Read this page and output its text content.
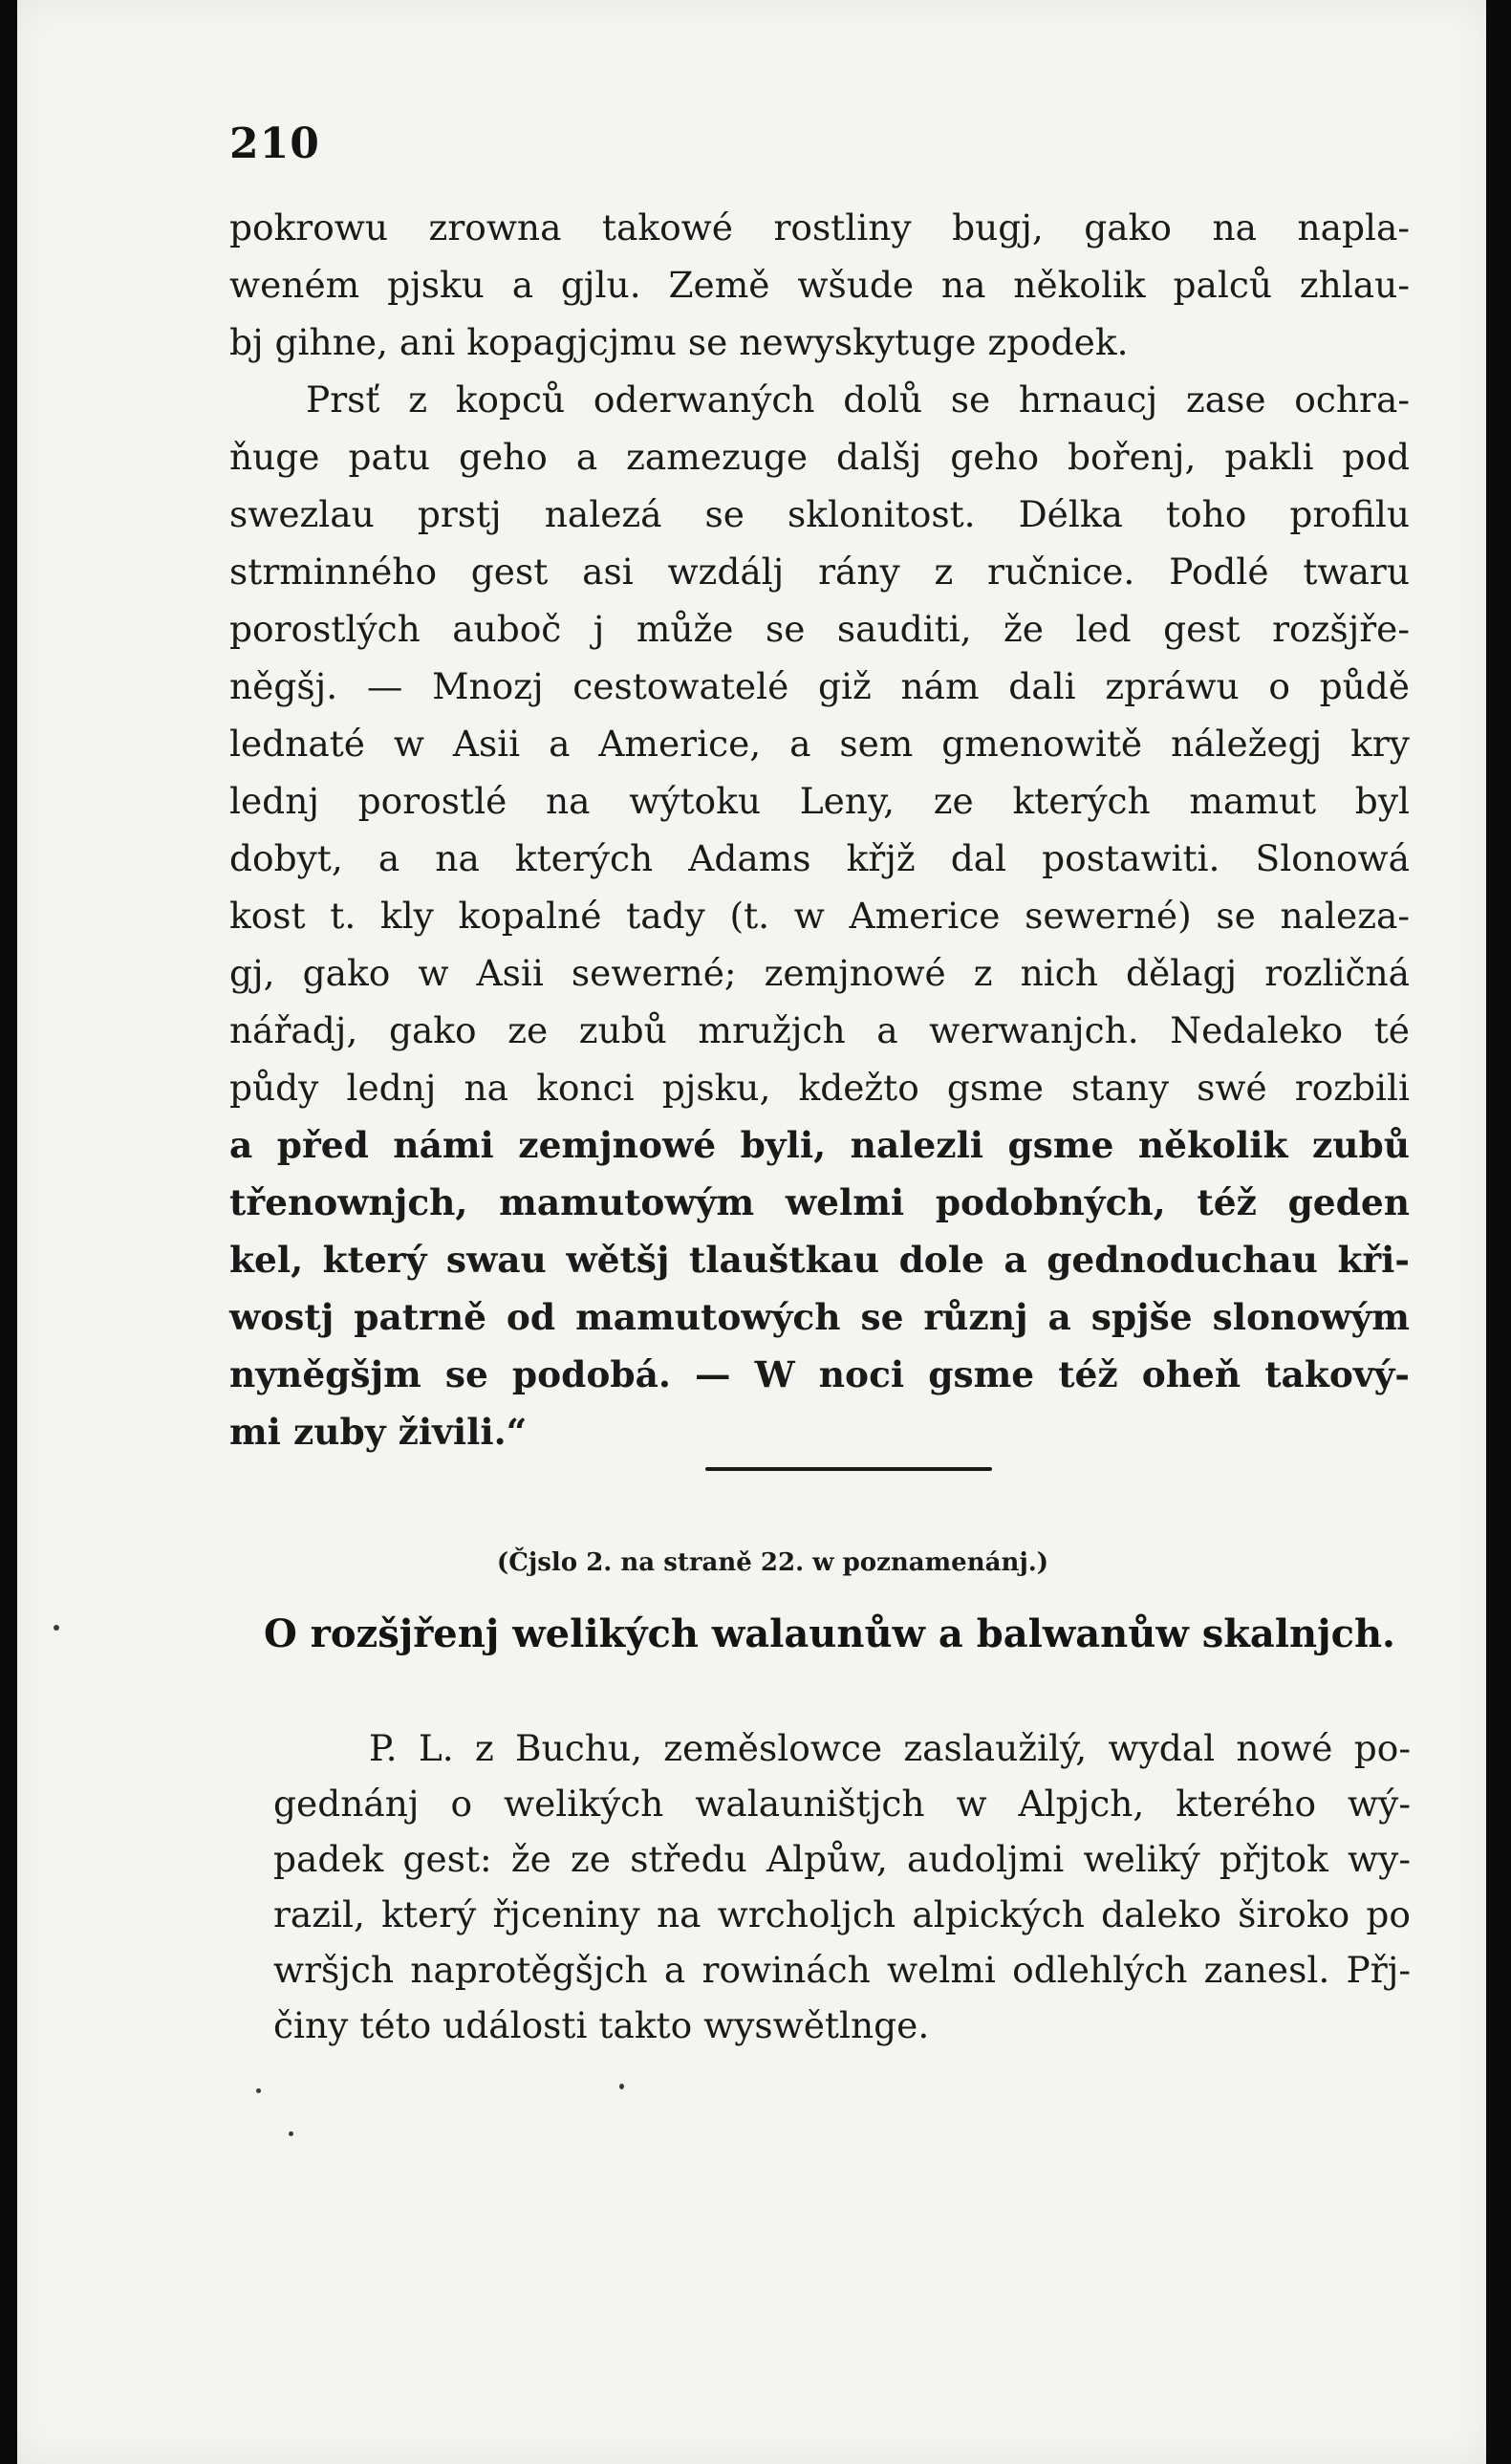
210
pokrowu zrowna takowé rostliny bugj, gako na napla-
weném pjsku a gjlu. Země wšude na několik palců zhlau-
bj gihne, ani kopagjcjmu se newyskytuge zpodek.
Prsť z kopců oderwaných dolů se hrnaucj zase ochra-
ňuge patu geho a zamezuge dalšj geho bořenj, pakli pod
swezlau prstj nalezá se sklonitost. Délka toho profilu
strminného gest asi wzdálj rány z ručnice. Podlé twaru
porostlých auboč j může se sauditi, že led gest rozšjře-
něgšj. — Mnozj cestowatelé giž nám dali zpráwu o půdě
lednaté w Asii a Americe, a sem gmenowitě náležegj kry
lednj porostlé na wýtoku Leny, ze kterých mamut byl
dobyt, a na kterých Adams křjž dal postawiti. Slonowá
kost t. kly kopalné tady (t. w Americe sewerné) se naleza-
gj, gako w Asii sewerné; zemjnowé z nich dělagj rozličná
nářadj, gako ze zubů mružjch a werwanjch. Nedaleko té
půdy lednj na konci pjsku, kdežto gsme stany swé rozbili
a před námi zemjnowé byli, nalezli gsme několik zubů
třenownjch, mamutowým welmi podobných, též geden
kel, který swau wětšj tlauštkau dole a gednoduchau kři-
wostj patrně od mamutowých se různj a spjše slonowým
nyněgšjm se podobá. — W noci gsme též oheň takový-
mi zuby živili.“
(Čjslo 2. na straně 22. w poznamenánj.)
O rozšjřenj welikých walaunůw a balwanůw skalnjch.
P. L. z Buchu, zeměslowce zaslaužilý, wydal nowé po-
gednánj o welikých walauništjch w Alpjch, kterého wý-
padek gest: že ze středu Alpůw, audoljmi weliký přjtok wy-
razil, který řjceniny na wrcholjch alpických daleko široko po
wršjch naprotěgšjch a rowinách welmi odlehlých zanesl. Přj-
činy této události takto wyswětlnge.
